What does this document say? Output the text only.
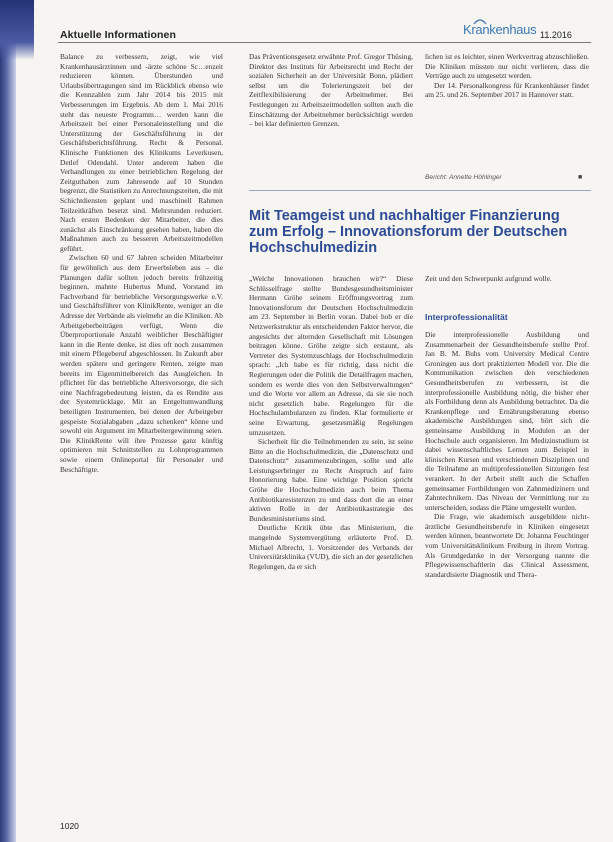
Aktuelle Informationen	Krankenhaus 11.2016

Balance zu verbessern, zeigt, wie viel Krankenhausärztinnen und -ärzte schöne Sc…enzeit reduzieren können. Überstunden und Urlaubsübertragungen sind im Rückblick ebenso wie die Kennzahlen zum Jahr 2014 bis 2015 mit Verbesserungen im Ergebnis. Ab dem 1. Mai 2016 steht das neueste Programm… werden kann die Arbeitszeit bei einer Personaleinstellung und die Unterstützung der Geschäftsführung in der Geschäftsberichtsführung. Recht & Personal. Klinische Funktionen des Klinikums Leverkusen, Detlef Odendahl. Unter anderem haben die Verhandlungen zu einer betrieblichen Regelung der Zeitguthaben zum Jahresende auf 10 Stunden begrenzt, die Statistiken zu Anrechnungszeiten, die mit Schichtdiensten geplant und maschinell Rahmen Teilzeitkräften besetzt sind. Mehrstunden reduziert. Nach ersten Bedenken der Mitarbeiter, die dies zunächst als Einschränkung gesehen haben, haben die Maßnahmen auch zu besseren Arbeitszeitmodellen geführt.

Zwischen 60 und 67 Jahren scheiden Mitarbeiter für gewöhnlich aus dem Erwerbsleben aus – die Planungen dafür sollten jedoch bereits frühzeitig beginnen, mahnte Hubertus Mund, Vorstand im Fachverband für betriebliche Versorgungswerke e.V. und Geschäftsführer von KlinikRente, weniger an die Adresse der Verbände als vielmehr an die Kliniken. Ab Arbeitgeberbeiträgen verfügt, Wenn die Überproportionale Anzahl weiblicher Beschäftigter kann in die Rente denke, ist dies oft noch zusammen mit einem Pflegeberuf abgeschlossen. In Zukunft aber werden spätere und geringere Renten, zeigte man bereits im Eigenmittelbereich das Ausgleichen. In pflichtet für das betriebliche Altersvorsorge, die sich eine Nachfragebedeutung leisten, da es Rendite aus der Systemrücklage. Mit an Entgeltumwandlung beteiligten Instrumenten, bei denen der Arbeitgeber gespeiste Sozialabgaben „dazu schenken“ könne und sowohl ein Argument im Mitarbeitergewinnung seien. Die KlinikRente will ihre Prozesse ganz künftig optimieren mit Schnittstellen zu Lohnprogrammen sowie einem Onlineportal für Personaler und Beschäftigte.

Das Präventionsgesetz erwähnte Prof. Gregor Thüsing, Direktor des Instituts für Arbeitsrecht und Recht der sozialen Sicherheit an der Universität Bonn, plädiert selbst um die Tolerierungszeit bei der Zeitflexibilisierung der Arbeitnehmer. Bei Festlegungen zu Arbeitszeitmodellen sollten auch die Einschätzung der Arbeitnehmer berücksichtigt werden – bei klar definierten Grenzen.

lichen ist es leichter, einen Werkvertrag abzuschließen. Die Kliniken müssten nur nicht verlieren, dass die Verträge auch zu umgesetzt werden.

Der 14. Personalkongress für Krankenhäuser findet am 25. und 26. September 2017 in Hannover statt.

Bericht: Annette Höhlinger	■
Mit Teamgeist und nachhaltiger Finanzierung zum Erfolg – Innovationsforum der Deutschen Hochschulmedizin

„Welche Innovationen brauchen wir?“ Diese Schlüsselfrage stellte Bundesgesundheitsminister Hermann Gröhe seinem Eröffnungsvortrag zum Innovationsforum der Deutschen Hochschulmedizin am 23. September in Berlin voran. Dabei hob er die Netzwerkstruktur als entscheidenden Faktor hervor, die angesichts der alternden Gesellschaft mit Lösungen beitragen könne. Gröhe zeigte sich erstaunt, als Vertreter des Systemzuschlags der Hochschulmedizin sprach: „Ich habe es für richtig, dass nicht die Regierungen oder die Politik die Detailfragen machen, sondern es werde dies von den Selbstverwaltungen“ und die Worte vor allem an Adresse, da sie sie noch nicht gesetzlich habe. Regelungen für die Hochschulambulanzen zu finden. Klar formulierte er seine Erwartung, gesetzesmäßig Regelungen umzusetzen.

Sicherheit für die Teilnehmenden zu sein, ist seine Bitte an die Hochschulmedizin, die „Datenschutz und Datenschutz“ zusammenzubringen, sollte und alle Leistungserbringer zu Recht Anspruch auf faire Honorierung habe. Eine wichtige Position spricht Gröhe die Hochschulmedizin auch beim Thema Antibiotikaresistenzen zu und dass dort die an einer aktiven Rolle in der Antibiotikastrategie des Bundesministeriums sind.

Deutliche Kritik übte das Ministerium, die mangelnde Systemvergütung erläuterte Prof. D. Michael Albrecht, 1. Vorsitzender des Verbands der Universitätsklinika (VUD), die sich an der gesetzlichen Regelungen, da er sich

Zeit und den Schwerpunkt aufgrund wolle.

Interprofessionalität

Die interprofessionelle Ausbildung und Zusammenarbeit der Gesundheitsberufe stellte Prof. Jan B. M. Buhs vom University Medical Centre Groningen aus dort praktizierten Modell vor. Die die Kommunikation zwischen den verschiedenen Gesundheitsberufen zu verbessern, ist die interprofessionelle Ausbildung nötig, die bisher eher als Fortbildung denn als Ausbildung betrachtet. Da die Krankenpflege und Ernährungsberatung ebenso akademische Ausbildungen sind, hört sich die gemeinsame Ausbildung in Modulen an der Hochschule auch organisieren. Im Medizinstudium ist dabei wissenschaftliches Lernen zum Beispiel in klinischen Kursen und verschiedenen Disziplinen und die Teilnahme an multiprofessionellen Sitzungen fest verankert. In der Arbeit stellt auch die Schaffen gemeinsamer Fortbildungen von Zahnmedizinern und Zahntechnikern. Das Niveau der Vermittlung nur zu unterscheiden, sodass die Pläne umgestellt wurden.

Die Frage, wie akademisch ausgebildete nicht-ärztliche Gesundheitsberufe in Kliniken eingesetzt werden können, beantwortete Dr. Johanna Feuchtinger vom Universitätsklinikum Freiburg in ihrem Vortrag. Als Grundgedanke in der Versorgung nannte die Pflegewissenschaftlerin das Clinical Assessment, standardisierte Diagnostik und Thera-

1020
